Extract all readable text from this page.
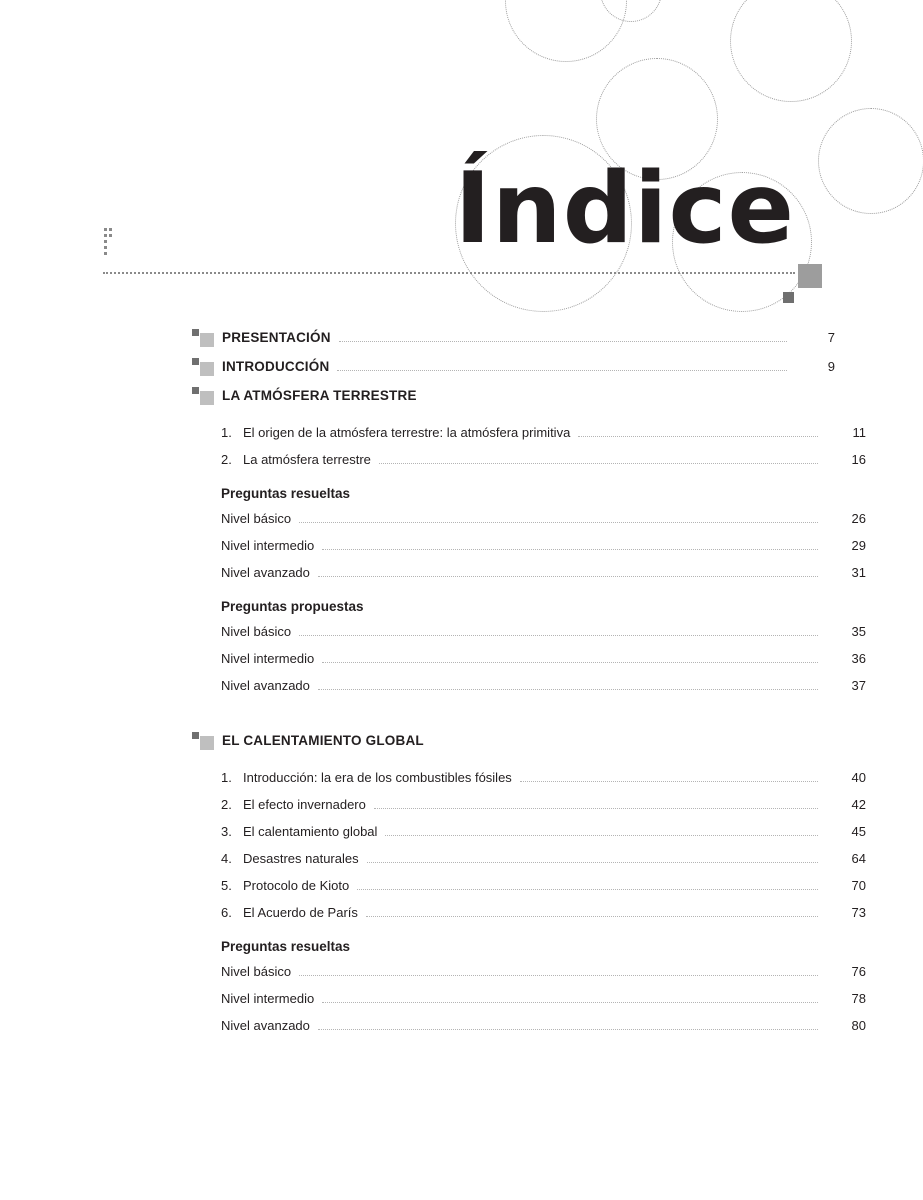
Índice
PRESENTACIÓN	7
INTRODUCCIÓN	9
LA ATMÓSFERA TERRESTRE
1. El origen de la atmósfera terrestre: la atmósfera primitiva	11
2. La atmósfera terrestre	16
Preguntas resueltas
Nivel básico	26
Nivel intermedio	29
Nivel avanzado	31
Preguntas propuestas
Nivel básico	35
Nivel intermedio	36
Nivel avanzado	37
EL CALENTAMIENTO GLOBAL
1. Introducción: la era de los combustibles fósiles	40
2. El efecto invernadero	42
3. El calentamiento global	45
4. Desastres naturales	64
5. Protocolo de Kioto	70
6. El Acuerdo de París	73
Preguntas resueltas
Nivel básico	76
Nivel intermedio	78
Nivel avanzado	80
